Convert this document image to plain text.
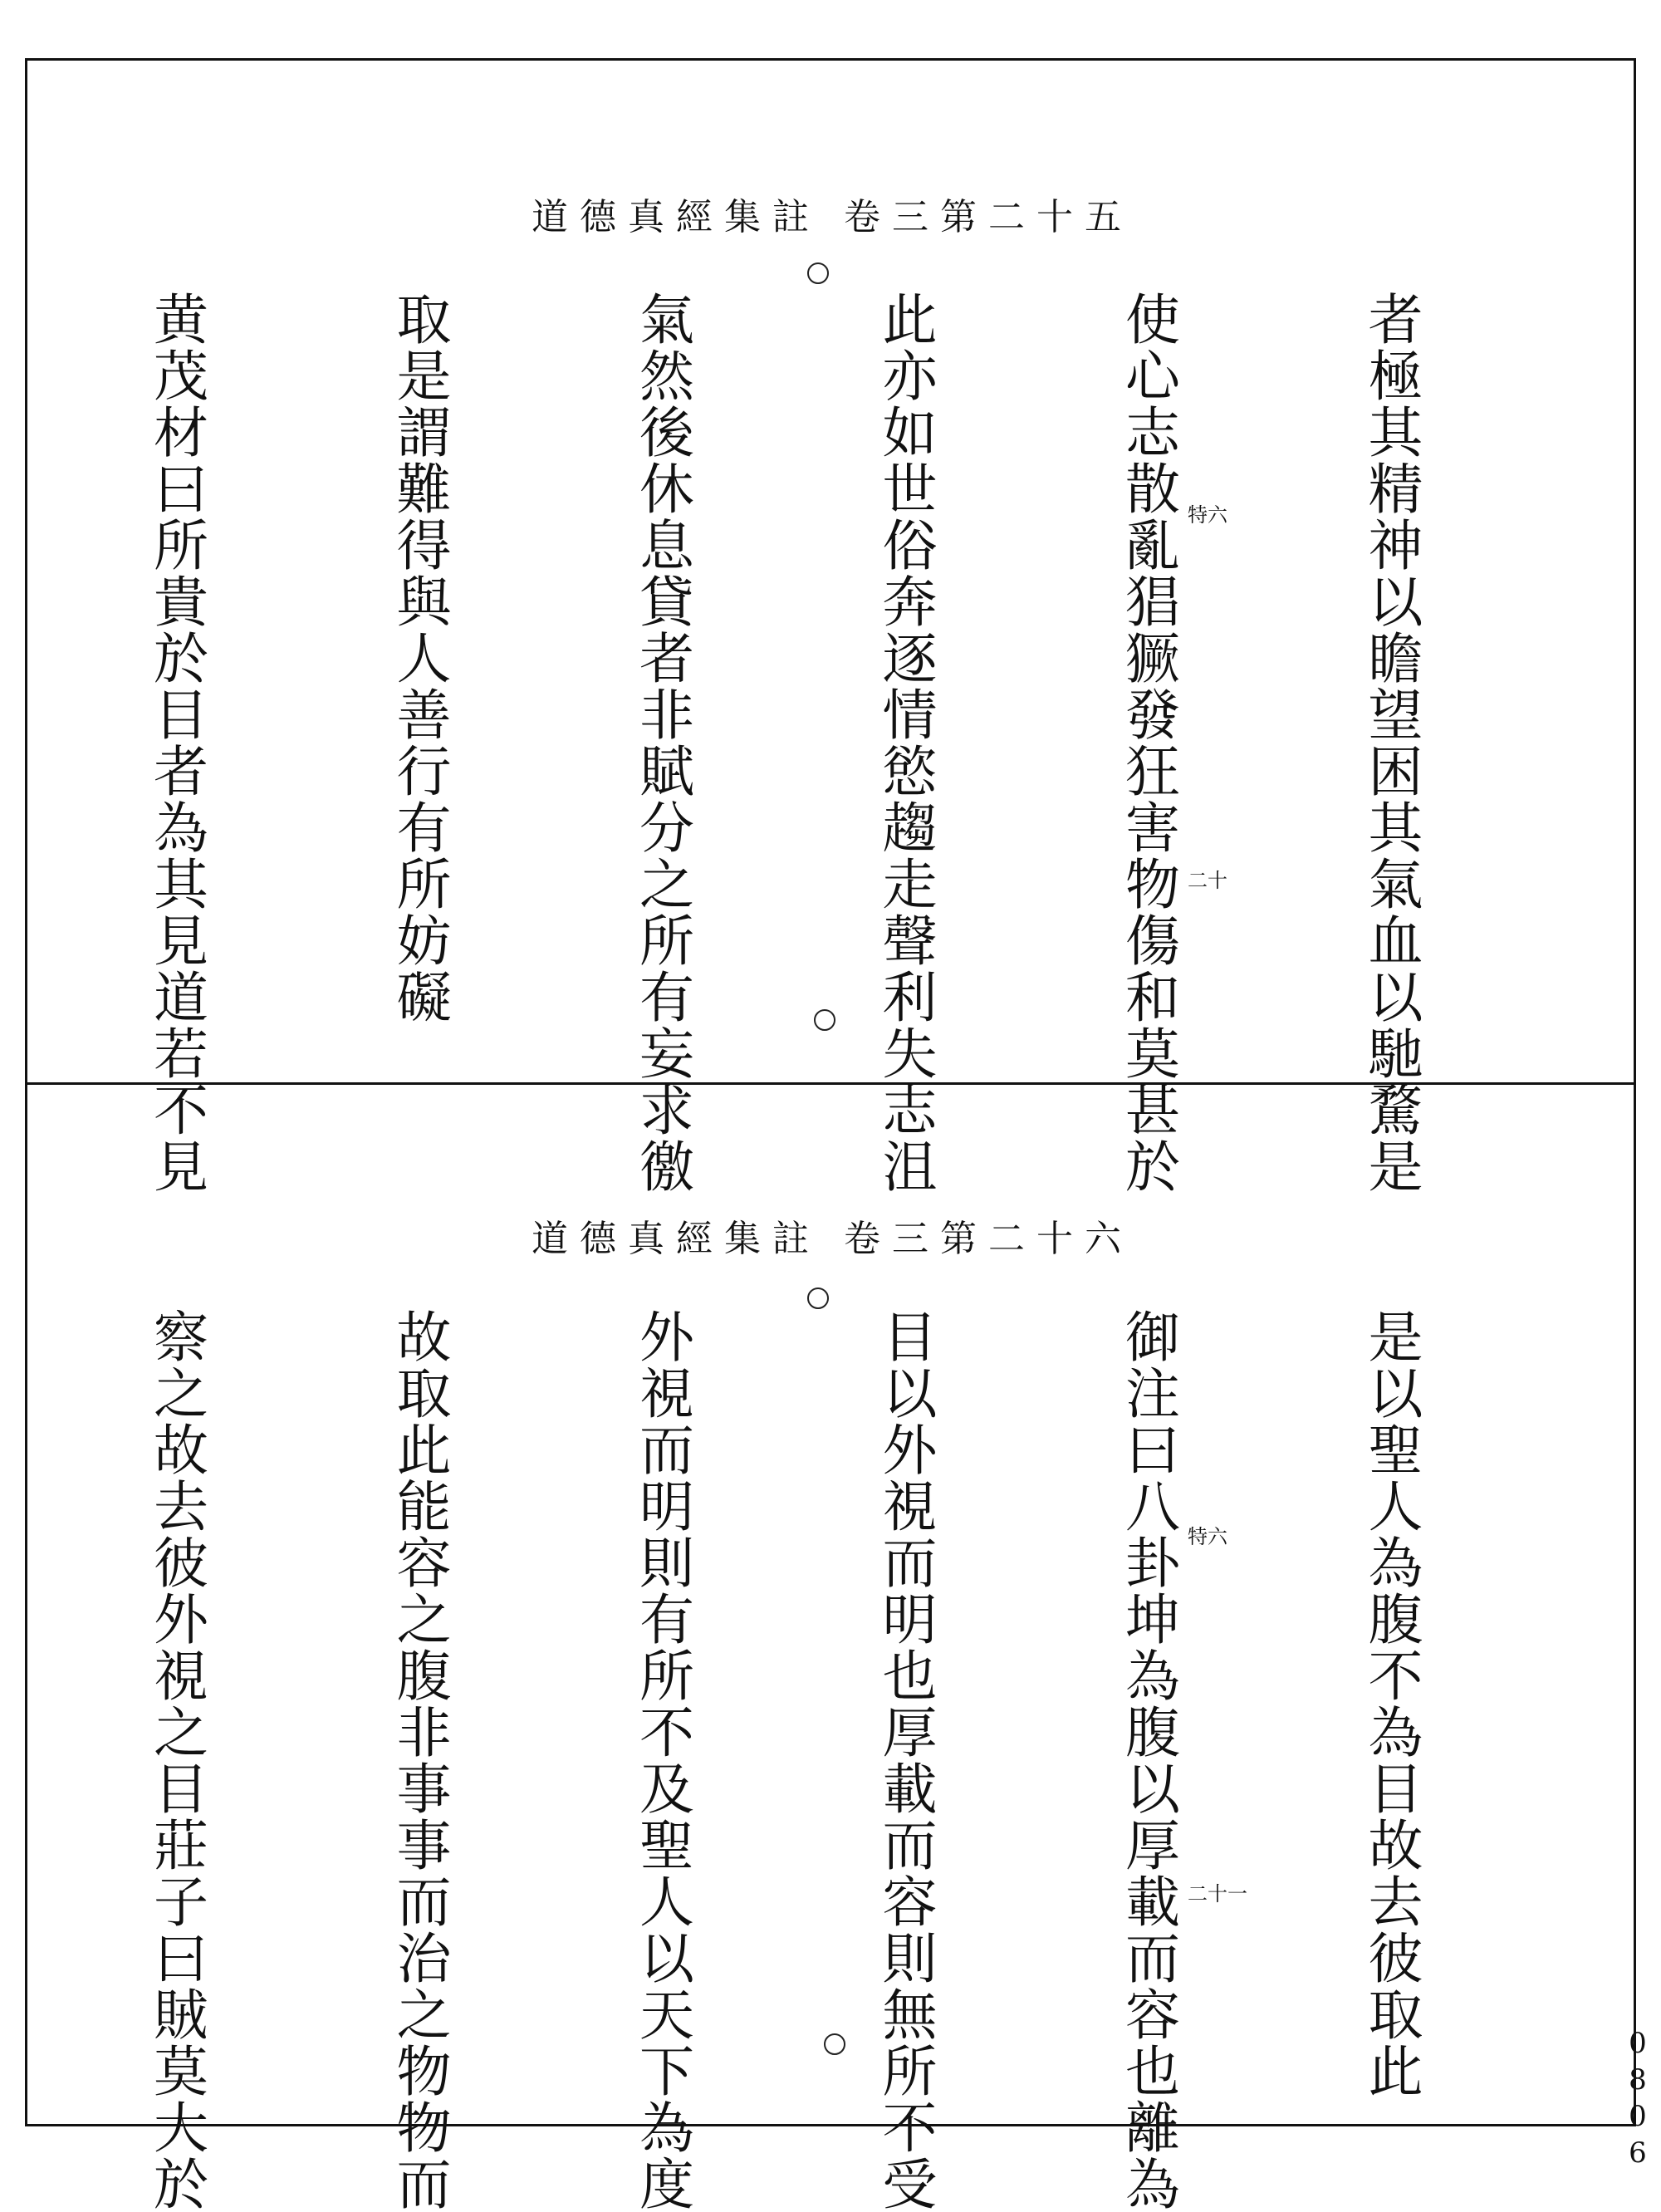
道德真經集註 卷三第二十五

者極其精神以瞻望困其氣血以馳騖是

使心志散亂猖獗發狂害物傷和莫甚於

此亦如世俗奔逐情慾趨走聲利失志沮

氣然後休息貸者非賦分之所有妄求徼

取是謂難得與人善行有所妨礙

黄茂材曰所貴於目者為其見道若不見

	特六
二十
道德真經集註 卷三第二十六

是以聖人為腹不為目故去彼取此

御注曰八卦坤為腹以厚載而容也離為

目以外視而明也厚載而容則無所不受

外視而明則有所不及聖人以天下為度

故取此能容之腹非事事而治之物物而

察之故去彼外視之目莊子曰賊莫大於

	特六
二十一
0806
